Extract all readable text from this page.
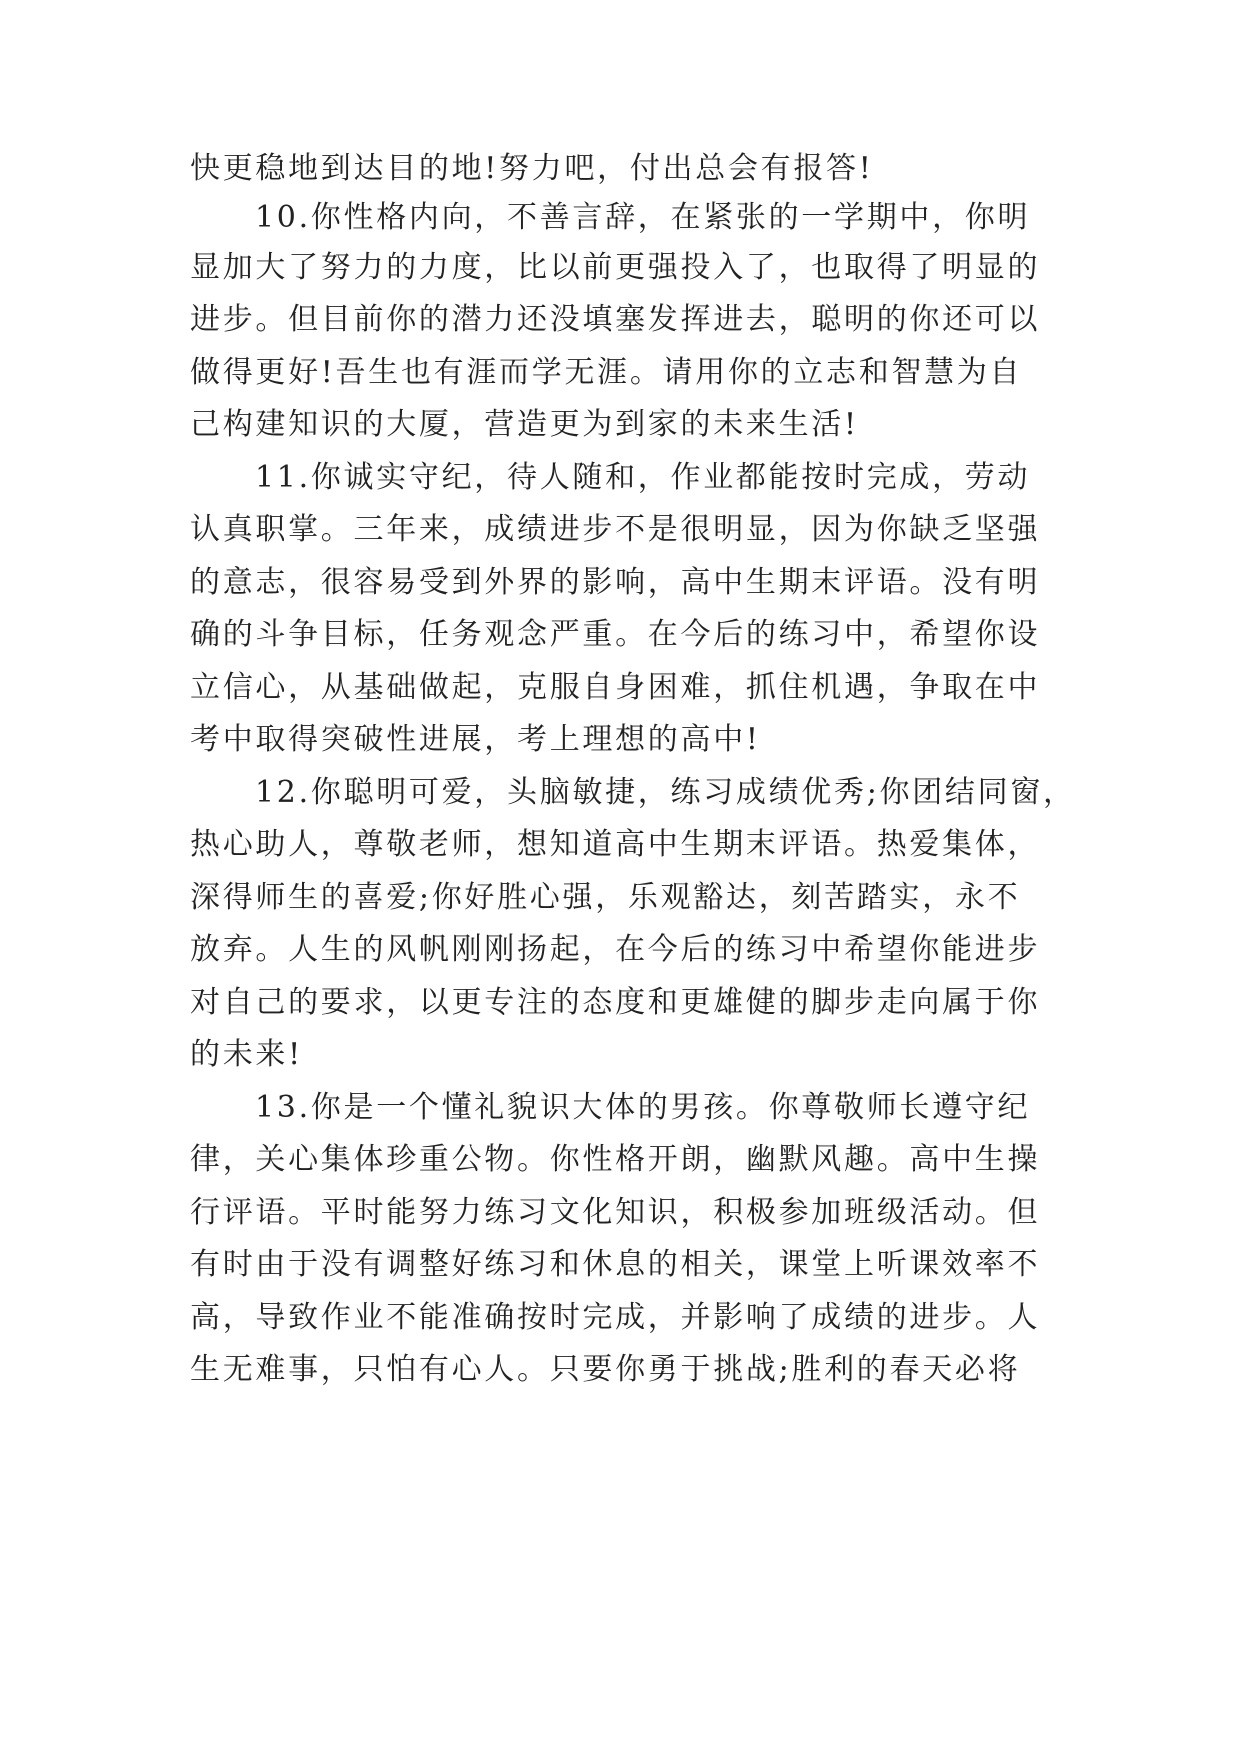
快更稳地到达目的地!努力吧，付出总会有报答!
10.你性格内向，不善言辞，在紧张的一学期中，你明
显加大了努力的力度，比以前更强投入了，也取得了明显的
进步。但目前你的潜力还没填塞发挥进去，聪明的你还可以
做得更好!吾生也有涯而学无涯。请用你的立志和智慧为自
己构建知识的大厦，营造更为到家的未来生活!
11.你诚实守纪，待人随和，作业都能按时完成，劳动
认真职掌。三年来，成绩进步不是很明显，因为你缺乏坚强
的意志，很容易受到外界的影响，高中生期末评语。没有明
确的斗争目标，任务观念严重。在今后的练习中，希望你设
立信心，从基础做起，克服自身困难，抓住机遇，争取在中
考中取得突破性进展，考上理想的高中!
12.你聪明可爱，头脑敏捷，练习成绩优秀;你团结同窗，
热心助人，尊敬老师，想知道高中生期末评语。热爱集体，
深得师生的喜爱;你好胜心强，乐观豁达，刻苦踏实，永不
放弃。人生的风帆刚刚扬起，在今后的练习中希望你能进步
对自己的要求，以更专注的态度和更雄健的脚步走向属于你
的未来!
13.你是一个懂礼貌识大体的男孩。你尊敬师长遵守纪
律，关心集体珍重公物。你性格开朗，幽默风趣。高中生操
行评语。平时能努力练习文化知识，积极参加班级活动。但
有时由于没有调整好练习和休息的相关，课堂上听课效率不
高，导致作业不能准确按时完成，并影响了成绩的进步。人
生无难事，只怕有心人。只要你勇于挑战;胜利的春天必将
